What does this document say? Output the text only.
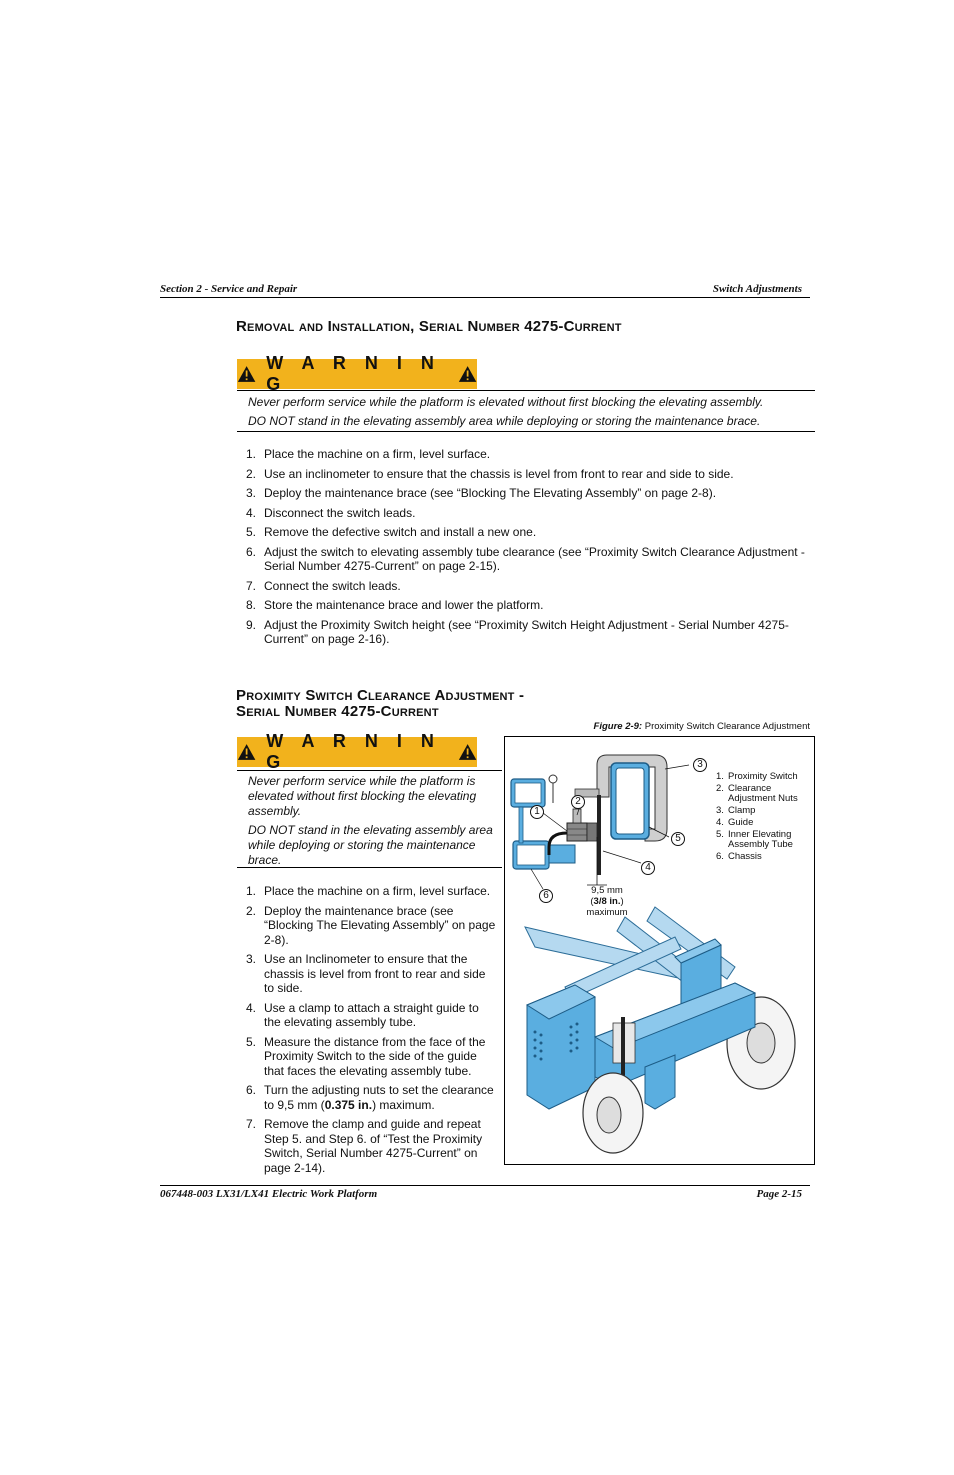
Section 2 - Service and Repair	Switch Adjustments
Removal and Installation, Serial Number 4275-Current
W A R N I N G

Never perform service while the platform is elevated without first blocking the elevating assembly.

DO NOT stand in the elevating assembly area while deploying or storing the maintenance brace.

1. Place the machine on a firm, level surface.
2. Use an inclinometer to ensure that the chassis is level from front to rear and side to side.
3. Deploy the maintenance brace (see “Blocking The Elevating Assembly” on page 2-8).
4. Disconnect the switch leads.
5. Remove the defective switch and install a new one.
6. Adjust the switch to elevating assembly tube clearance (see “Proximity Switch Clearance Adjustment - Serial Number 4275-Current” on page 2-15).
7. Connect the switch leads.
8. Store the maintenance brace and lower the platform.
9. Adjust the Proximity Switch height (see “Proximity Switch Height Adjustment - Serial Number 4275-Current” on page 2-16).
Proximity Switch Clearance Adjustment -
Serial Number 4275-Current
Figure 2-9: Proximity Switch Clearance Adjustment
W A R N I N G

Never perform service while the platform is elevated without first blocking the elevating assembly.

DO NOT stand in the elevating assembly area while deploying or storing the maintenance brace.

1. Place the machine on a firm, level surface.
2. Deploy the maintenance brace (see “Blocking The Elevating Assembly” on page 2-8).
3. Use an Inclinometer to ensure that the chassis is level from front to rear and side to side.
4. Use a clamp to attach a straight guide to the elevating assembly tube.
5. Measure the distance from the face of the Proximity Switch to the side of the guide that faces the elevating assembly tube.
6. Turn the adjusting nuts to set the clearance to 9,5 mm (0.375 in.) maximum.
7. Remove the clamp and guide and repeat Step 5. and Step 6. of “Test the Proximity Switch, Serial Number 4275-Current” on page 2-14).
1
2
3
4
5
6	9,5 mm
(3/8 in.)
maximum
1. Proximity Switch
2. Clearance Adjustment Nuts
3. Clamp
4. Guide
5. Inner Elevating Assembly Tube
6. Chassis
067448-003 LX31/LX41 Electric Work Platform	Page 2-15
